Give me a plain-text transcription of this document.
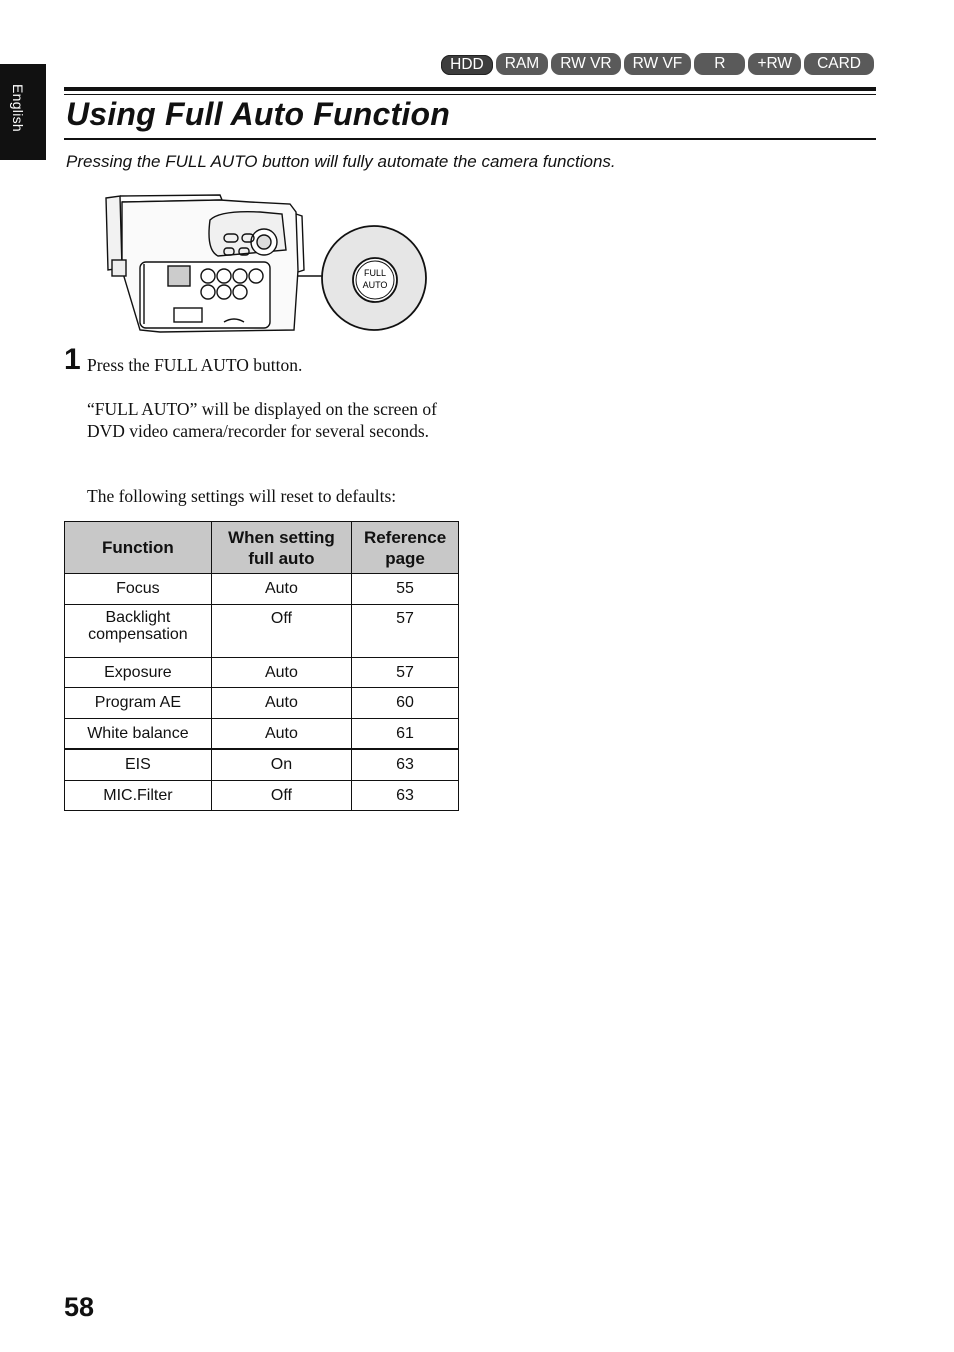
English
HDD	RAM	RW VR	RW VF	R	+RW	CARD
Using Full Auto Function

Pressing the FULL AUTO button will fully automate the camera functions.

FULL
AUTO
1 Press the FULL AUTO button.

“FULL AUTO” will be displayed on the screen of DVD video camera/recorder for several seconds.

The following settings will reset to defaults:

Function	When setting full auto	Reference page
Focus	Auto	55
Backlight compensation	Off	57
Exposure	Auto	57
Program AE	Auto	60
White balance	Auto	61
EIS	On	63
MIC.Filter	Off	63
58
